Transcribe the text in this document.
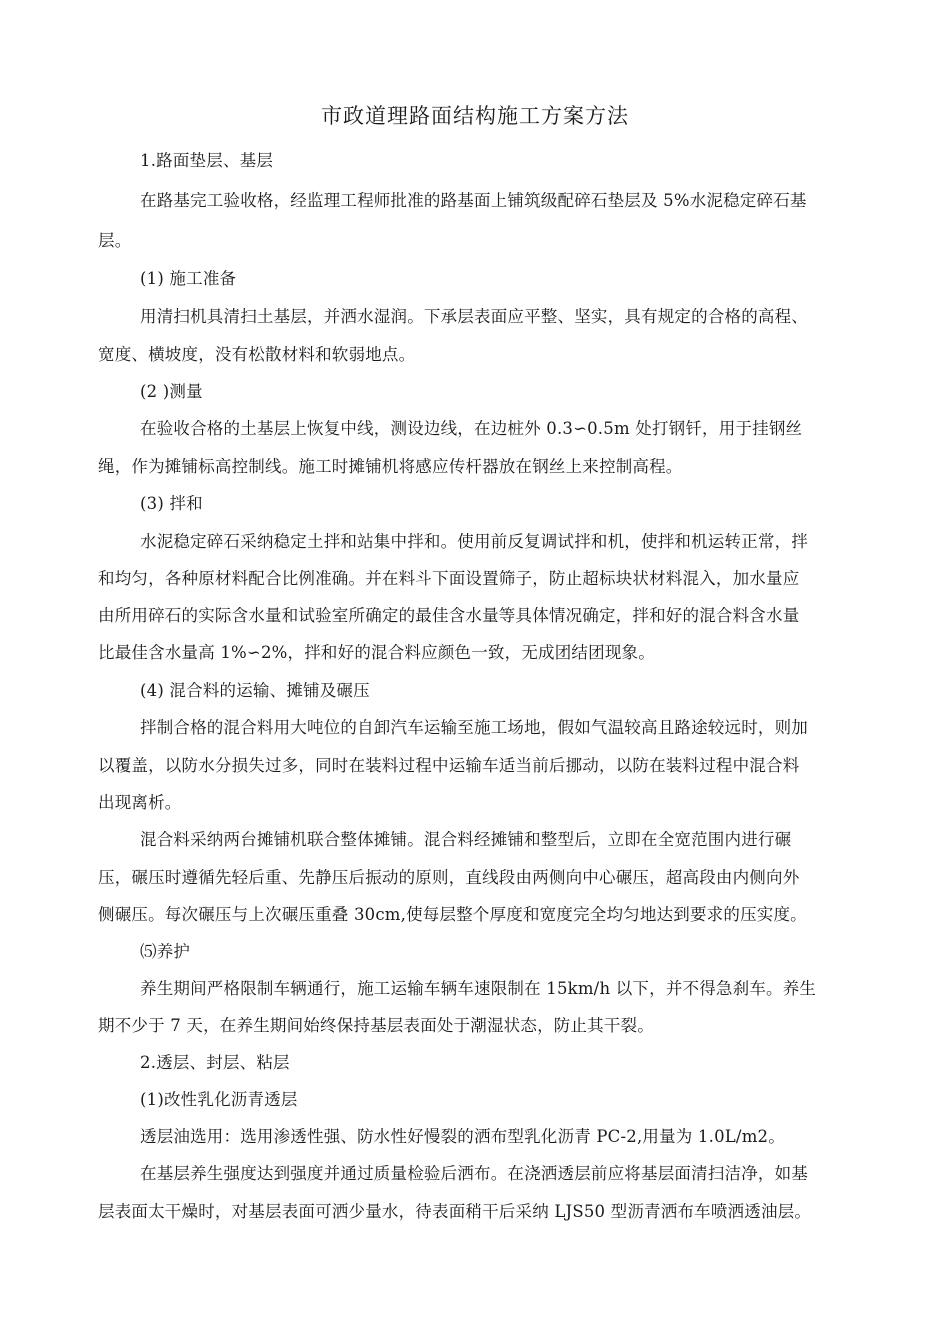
市政道理路面结构施工方案方法
1.路面垫层、基层
在路基完工验收格，经监理工程师批准的路基面上铺筑级配碎石垫层及 5%水泥稳定碎石基
层。
(1) 施工准备
用清扫机具清扫土基层，并洒水湿润。下承层表面应平整、坚实，具有规定的合格的高程、
宽度、横坡度，没有松散材料和软弱地点。
(2 )测量
在验收合格的土基层上恢复中线，测设边线，在边桩外 0.3∽0.5m 处打钢钎，用于挂钢丝
绳，作为摊铺标高控制线。施工时摊铺机将感应传杆器放在钢丝上来控制高程。
(3) 拌和
水泥稳定碎石采纳稳定土拌和站集中拌和。使用前反复调试拌和机，使拌和机运转正常，拌
和均匀，各种原材料配合比例准确。并在料斗下面设置筛子，防止超标块状材料混入，加水量应
由所用碎石的实际含水量和试验室所确定的最佳含水量等具体情况确定，拌和好的混合料含水量
比最佳含水量高 1%∽2%，拌和好的混合料应颜色一致，无成团结团现象。
(4) 混合料的运输、摊铺及碾压
拌制合格的混合料用大吨位的自卸汽车运输至施工场地，假如气温较高且路途较远时，则加
以覆盖，以防水分损失过多，同时在装料过程中运输车适当前后挪动，以防在装料过程中混合料
出现离析。
混合料采纳两台摊铺机联合整体摊铺。混合料经摊铺和整型后，立即在全宽范围内进行碾
压，碾压时遵循先轻后重、先静压后振动的原则，直线段由两侧向中心碾压，超高段由内侧向外
侧碾压。每次碾压与上次碾压重叠 30cm,使每层整个厚度和宽度完全均匀地达到要求的压实度。
⑸养护
养生期间严格限制车辆通行，施工运输车辆车速限制在 15km/h 以下，并不得急刹车。养生
期不少于 7 天，在养生期间始终保持基层表面处于潮湿状态，防止其干裂。
2.透层、封层、粘层
(1)改性乳化沥青透层
透层油选用：选用渗透性强、防水性好慢裂的洒布型乳化沥青 PC-2,用量为 1.0L/m2。
在基层养生强度达到强度并通过质量检验后洒布。在浇洒透层前应将基层面清扫洁净，如基
层表面太干燥时，对基层表面可洒少量水，待表面稍干后采纳 LJS50 型沥青洒布车喷洒透油层。
